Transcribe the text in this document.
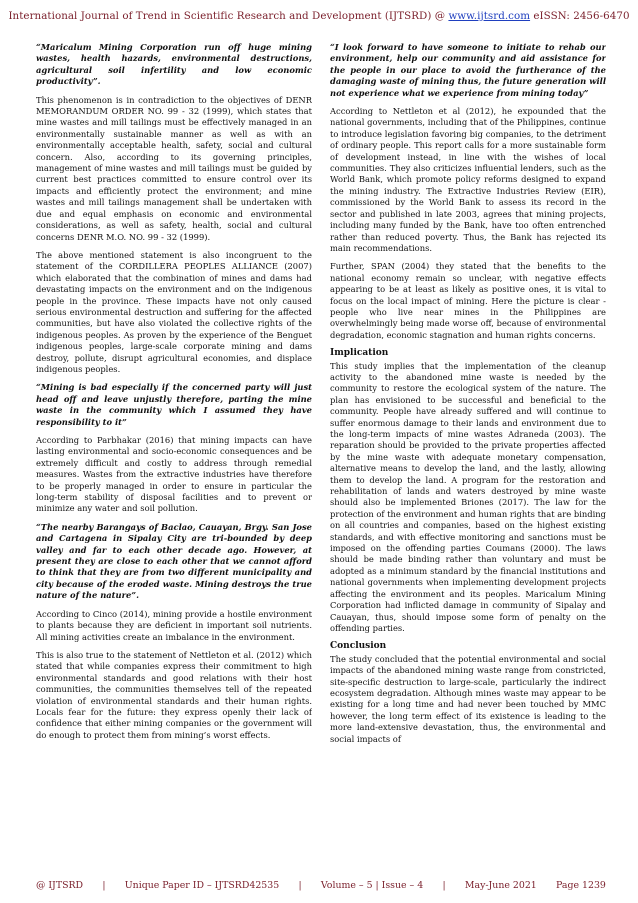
International Journal of Trend in Scientific Research and Development (IJTSRD) @ www.ijtsrd.com eISSN: 2456-6470

“Maricalum Mining Corporation run off huge mining wastes, health hazards, environmental destructions, agricultural soil infertility and low economic productivity”.

This phenomenon is in contradiction to the objectives of DENR MEMORANDUM ORDER NO. 99 - 32 (1999), which states that mine wastes and mill tailings must be effectively managed in an environmentally sustainable manner as well as with an environmentally acceptable health, safety, social and cultural concern. Also, according to its governing principles, management of mine wastes and mill tailings must be guided by current best practices committed to ensure control over its impacts and efficiently protect the environment; and mine wastes and mill tailings management shall be undertaken with due and equal emphasis on economic and environmental considerations, as well as safety, health, social and cultural concerns DENR M.O. NO. 99 - 32 (1999).

The above mentioned statement is also incongruent to the statement of the CORDILLERA PEOPLES ALLIANCE (2007) which elaborated that the combination of mines and dams had devastating impacts on the environment and on the indigenous people in the province. These impacts have not only caused serious environmental destruction and suffering for the affected communities, but have also violated the collective rights of the indigenous peoples. As proven by the experience of the Benguet indigenous peoples, large-scale corporate mining and dams destroy, pollute, disrupt agricultural economies, and displace indigenous peoples.

“Mining is bad especially if the concerned party will just head off and leave unjustly therefore, parting the mine waste in the community which I assumed they have responsibility to it”

According to Parbhakar (2016) that mining impacts can have lasting environmental and socio-economic consequences and be extremely difficult and costly to address through remedial measures. Wastes from the extractive industries have therefore to be properly managed in order to ensure in particular the long-term stability of disposal facilities and to prevent or minimize any water and soil pollution.

“The nearby Barangays of Baclao, Cauayan, Brgy. San Jose and Cartagena in Sipalay City are tri-bounded by deep valley and far to each other decade ago. However, at present they are close to each other that we cannot afford to think that they are from two different municipality and city because of the eroded waste. Mining destroys the true nature of the nature”.

According to Cinco (2014), mining provide a hostile environment to plants because they are deficient in important soil nutrients. All mining activities create an imbalance in the environment.

This is also true to the statement of Nettleton et al. (2012) which stated that while companies express their commitment to high environmental standards and good relations with their host communities, the communities themselves tell of the repeated violation of environmental standards and their human rights. Locals fear for the future: they express openly their lack of confidence that either mining companies or the government will do enough to protect them from mining’s worst effects.

“I look forward to have someone to initiate to rehab our environment, help our community and aid assistance for the people in our place to avoid the furtherance of the damaging waste of mining thus, the future generation will not experience what we experience from mining today”

According to Nettleton et al (2012), he expounded that the national governments, including that of the Philippines, continue to introduce legislation favoring big companies, to the detriment of ordinary people. This report calls for a more sustainable form of development instead, in line with the wishes of local communities. They also criticizes influential lenders, such as the World Bank, which promote policy reforms designed to expand the mining industry. The Extractive Industries Review (EIR), commissioned by the World Bank to assess its record in the sector and published in late 2003, agrees that mining projects, including many funded by the Bank, have too often entrenched rather than reduced poverty. Thus, the Bank has rejected its main recommendations.

Further, SPAN (2004) they stated that the benefits to the national economy remain so unclear, with negative effects appearing to be at least as likely as positive ones, it is vital to focus on the local impact of mining. Here the picture is clear - people who live near mines in the Philippines are overwhelmingly being made worse off, because of environmental degradation, economic stagnation and human rights concerns.

Implication

This study implies that the implementation of the cleanup activity to the abandoned mine waste is needed by the community to restore the ecological system of the nature. The plan has envisioned to be successful and beneficial to the community. People have already suffered and will continue to suffer enormous damage to their lands and environment due to the long-term impacts of mine wastes Adraneda (2003). The reparation should be provided to the private properties affected by the mine waste with adequate monetary compensation, alternative means to develop the land, and the lastly, allowing them to develop the land. A program for the restoration and rehabilitation of lands and waters destroyed by mine waste should also be implemented Briones (2017). The law for the protection of the environment and human rights that are binding on all countries and companies, based on the highest existing standards, and with effective monitoring and sanctions must be imposed on the offending parties Coumans (2000). The laws should be made binding rather than voluntary and must be adopted as a minimum standard by the financial institutions and national governments when implementing development projects affecting the environment and its peoples. Maricalum Mining Corporation had inflicted damage in community of Sipalay and Cauayan, thus, should impose some form of penalty on the offending parties.

Conclusion

The study concluded that the potential environmental and social impacts of the abandoned mining waste range from constricted, site-specific destruction to large-scale, particularly the indirect ecosystem degradation. Although mines waste may appear to be existing for a long time and had never been touched by MMC however, the long term effect of its existence is leading to the more land-extensive devastation, thus, the environmental and social impacts of

@ IJTSRD | Unique Paper ID – IJTSRD42535 | Volume – 5 | Issue – 4 | May-June 2021 Page 1239
